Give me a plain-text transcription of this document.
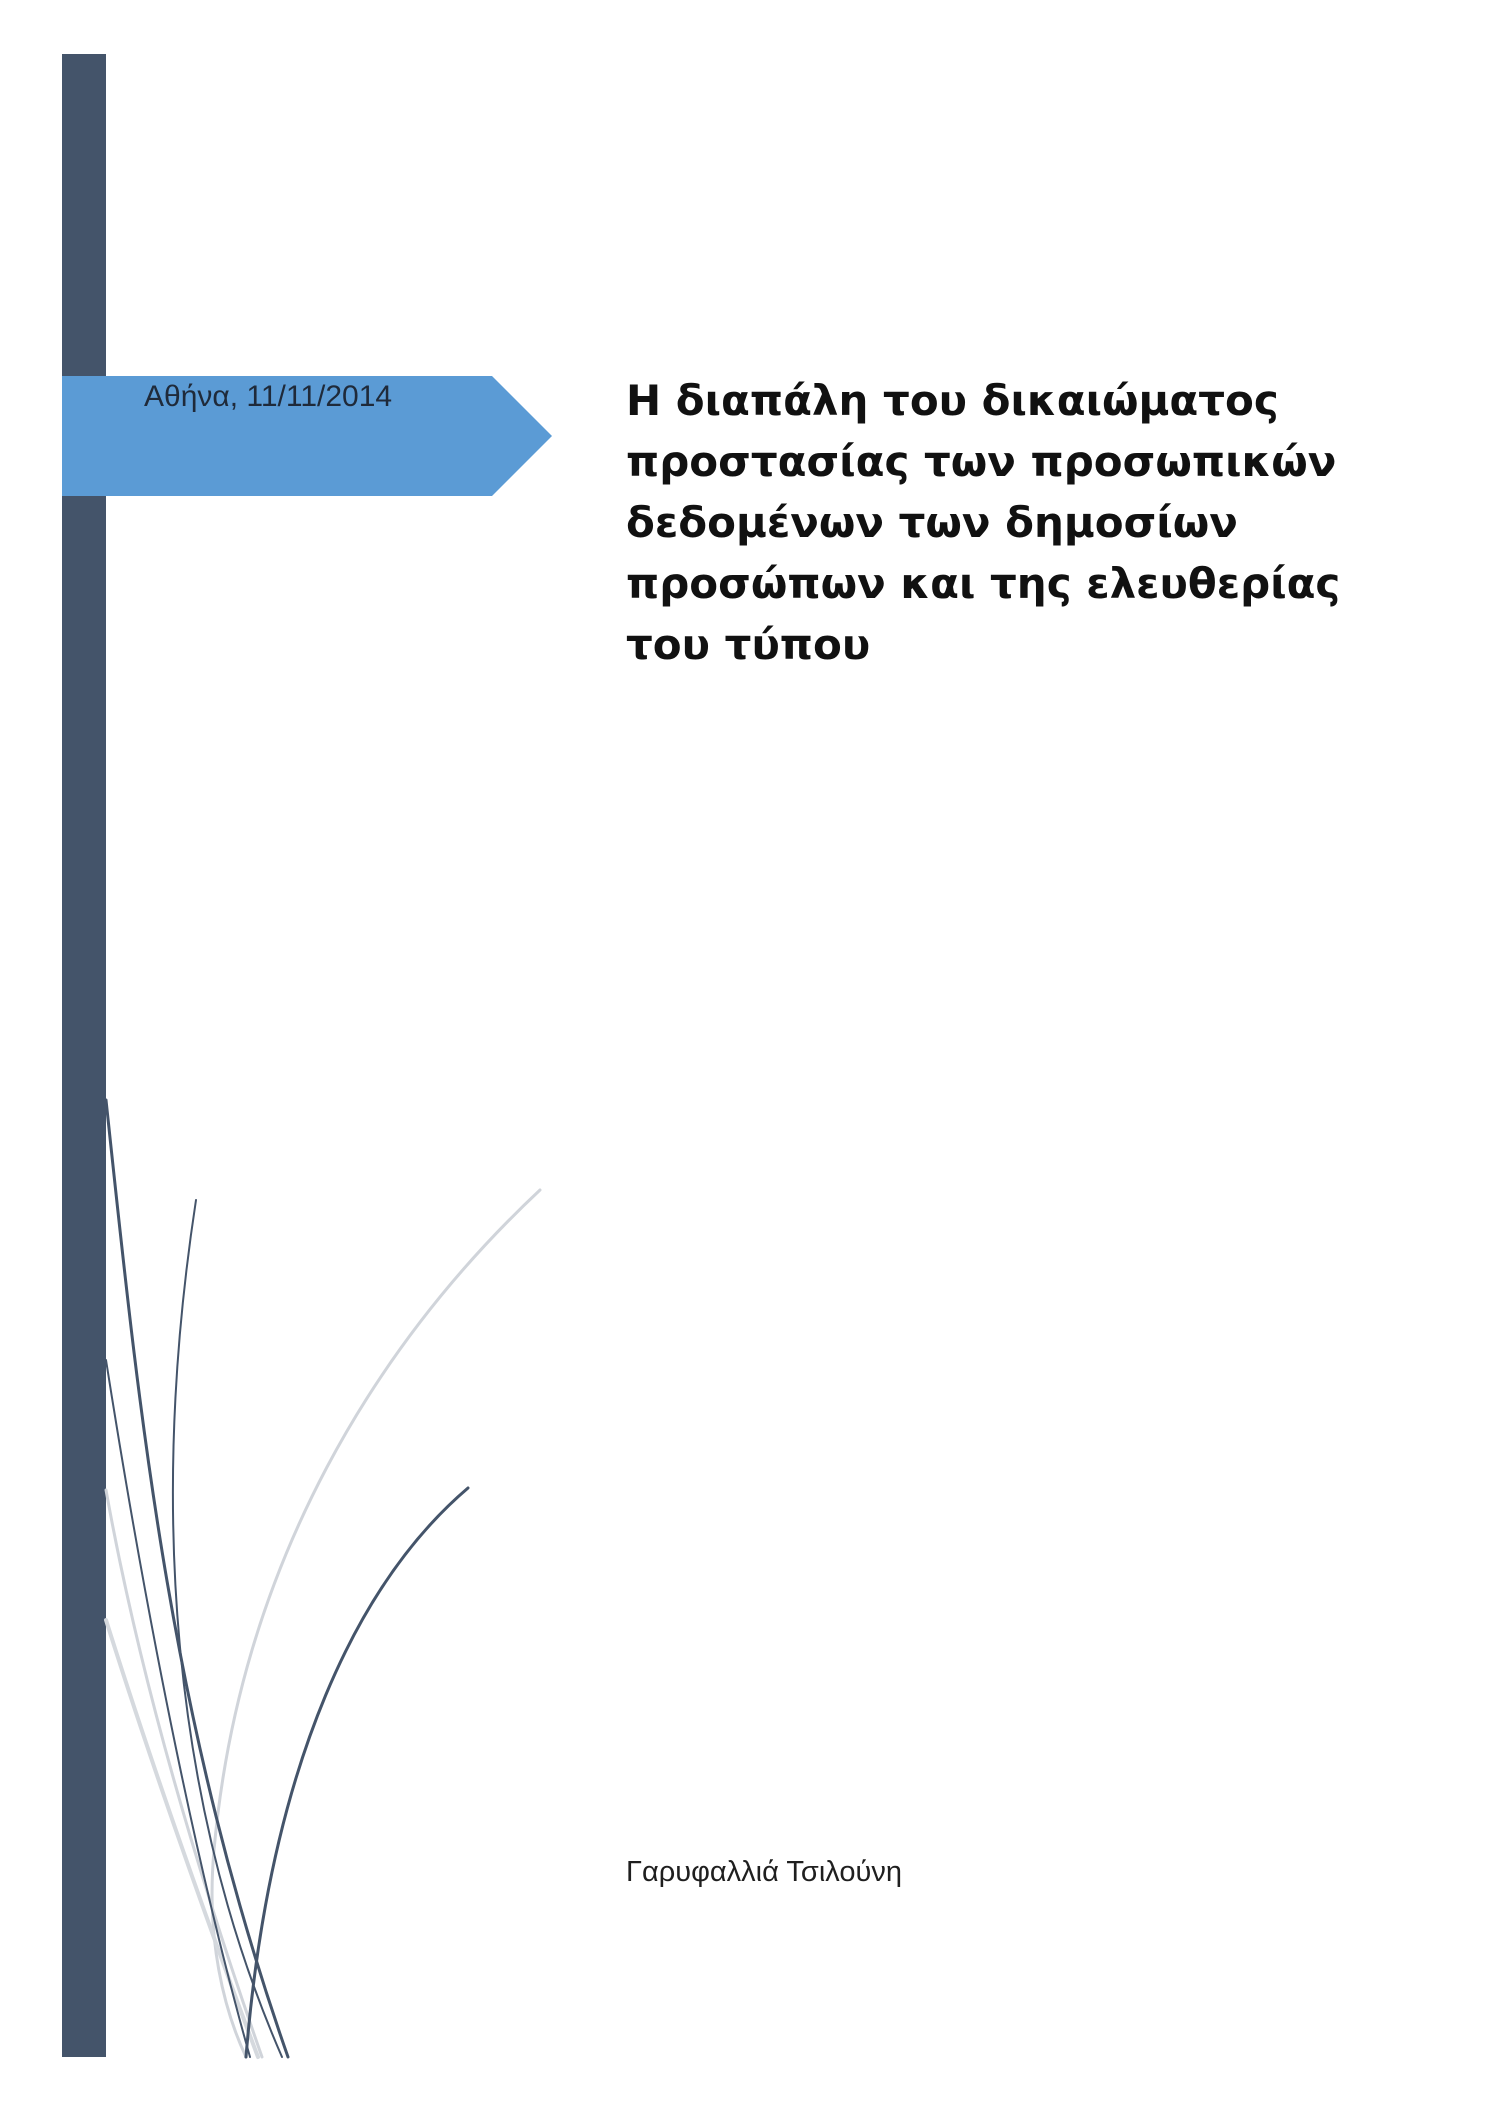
Αθήνα, 11/11/2014	Η διαπάλη του δικαιώματος
προστασίας των προσωπικών
δεδομένων των δημοσίων
προσώπων και της ελευθερίας
του τύπου
Γαρυφαλλιά Τσιλούνη
